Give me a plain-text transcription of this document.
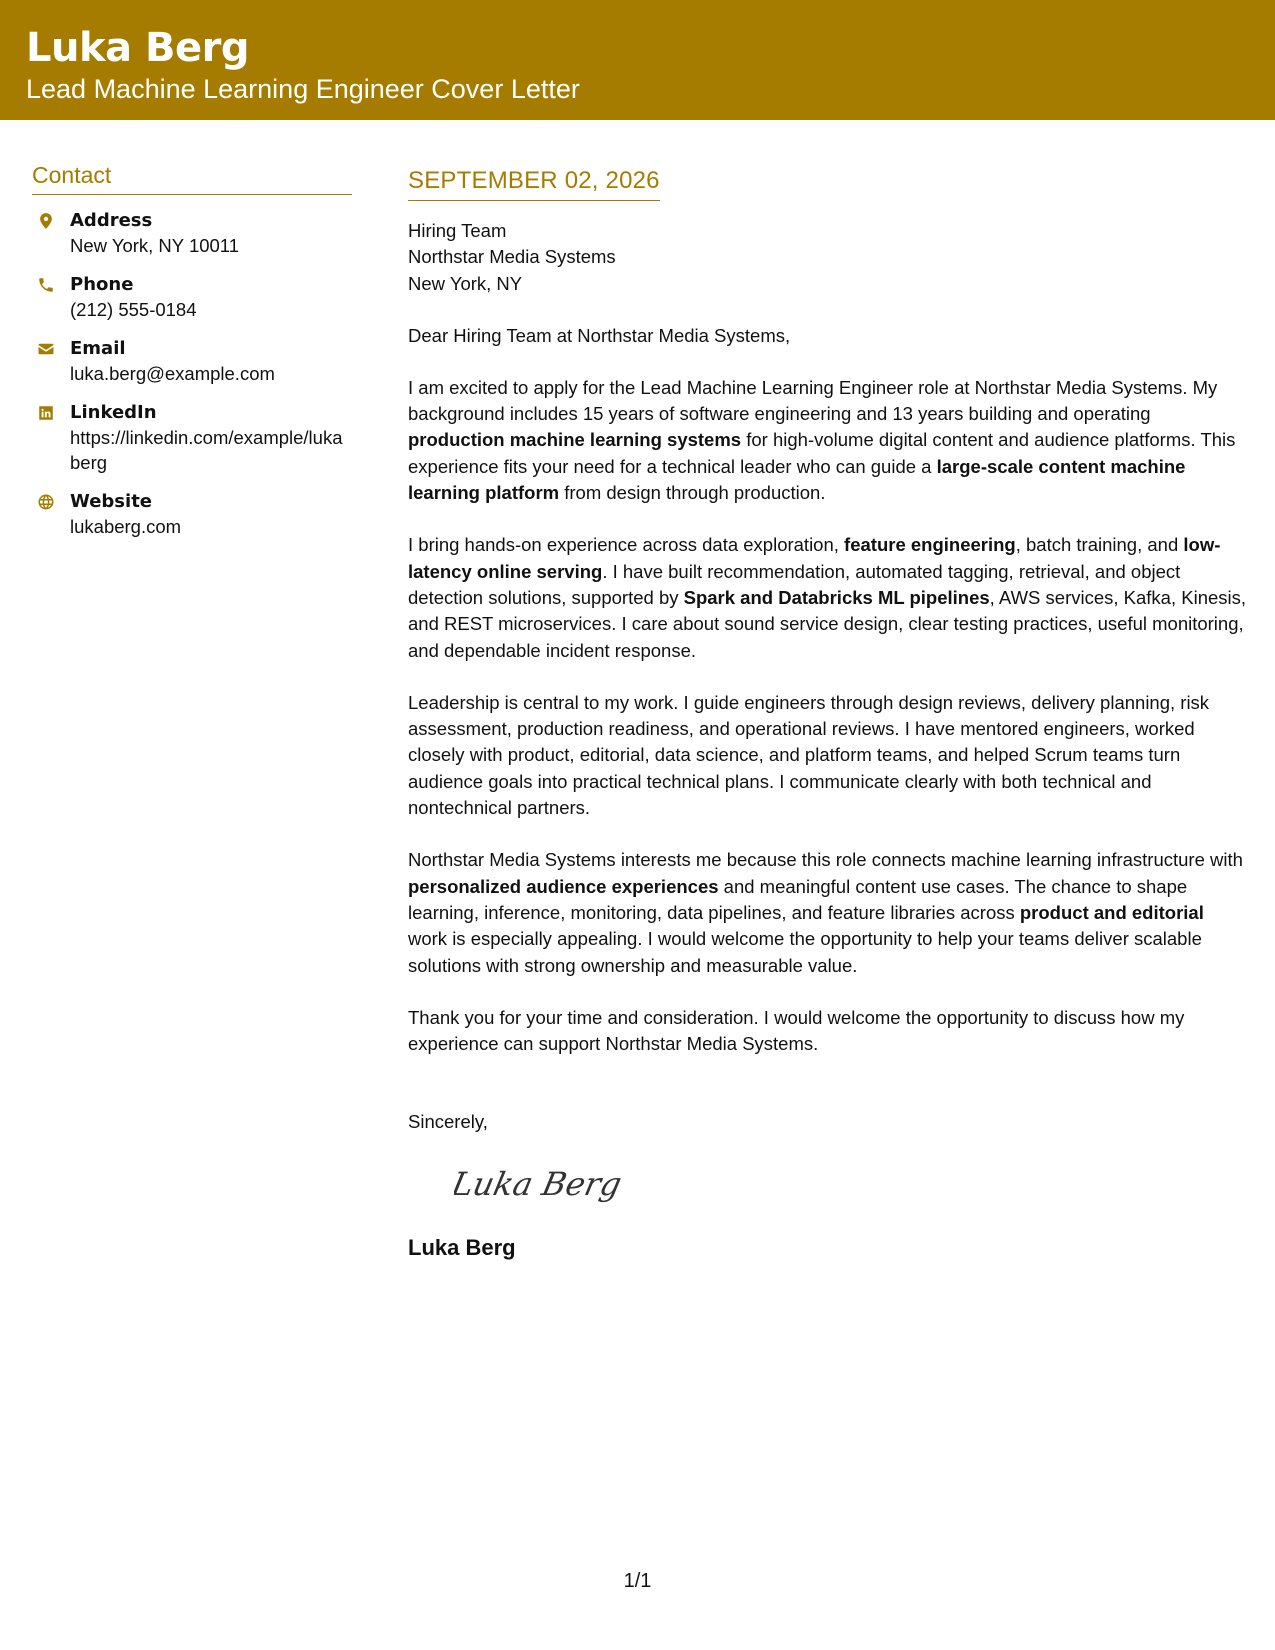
Luka Berg
Lead Machine Learning Engineer Cover Letter
Contact
Address
New York, NY 10011
Phone
(212) 555-0184
Email
luka.berg@example.com
LinkedIn
https://linkedin.com/example/lukaberg
Website
lukaberg.com
SEPTEMBER 02, 2026
Hiring Team
Northstar Media Systems
New York, NY
Dear Hiring Team at Northstar Media Systems,
I am excited to apply for the Lead Machine Learning Engineer role at Northstar Media Systems. My background includes 15 years of software engineering and 13 years building and operating production machine learning systems for high-volume digital content and audience platforms. This experience fits your need for a technical leader who can guide a large-scale content machine learning platform from design through production.
I bring hands-on experience across data exploration, feature engineering, batch training, and low-latency online serving. I have built recommendation, automated tagging, retrieval, and object detection solutions, supported by Spark and Databricks ML pipelines, AWS services, Kafka, Kinesis, and REST microservices. I care about sound service design, clear testing practices, useful monitoring, and dependable incident response.
Leadership is central to my work. I guide engineers through design reviews, delivery planning, risk assessment, production readiness, and operational reviews. I have mentored engineers, worked closely with product, editorial, data science, and platform teams, and helped Scrum teams turn audience goals into practical technical plans. I communicate clearly with both technical and nontechnical partners.
Northstar Media Systems interests me because this role connects machine learning infrastructure with personalized audience experiences and meaningful content use cases. The chance to shape learning, inference, monitoring, data pipelines, and feature libraries across product and editorial work is especially appealing. I would welcome the opportunity to help your teams deliver scalable solutions with strong ownership and measurable value.
Thank you for your time and consideration. I would welcome the opportunity to discuss how my experience can support Northstar Media Systems.
Sincerely,
Luka Berg
Luka Berg
1/1
